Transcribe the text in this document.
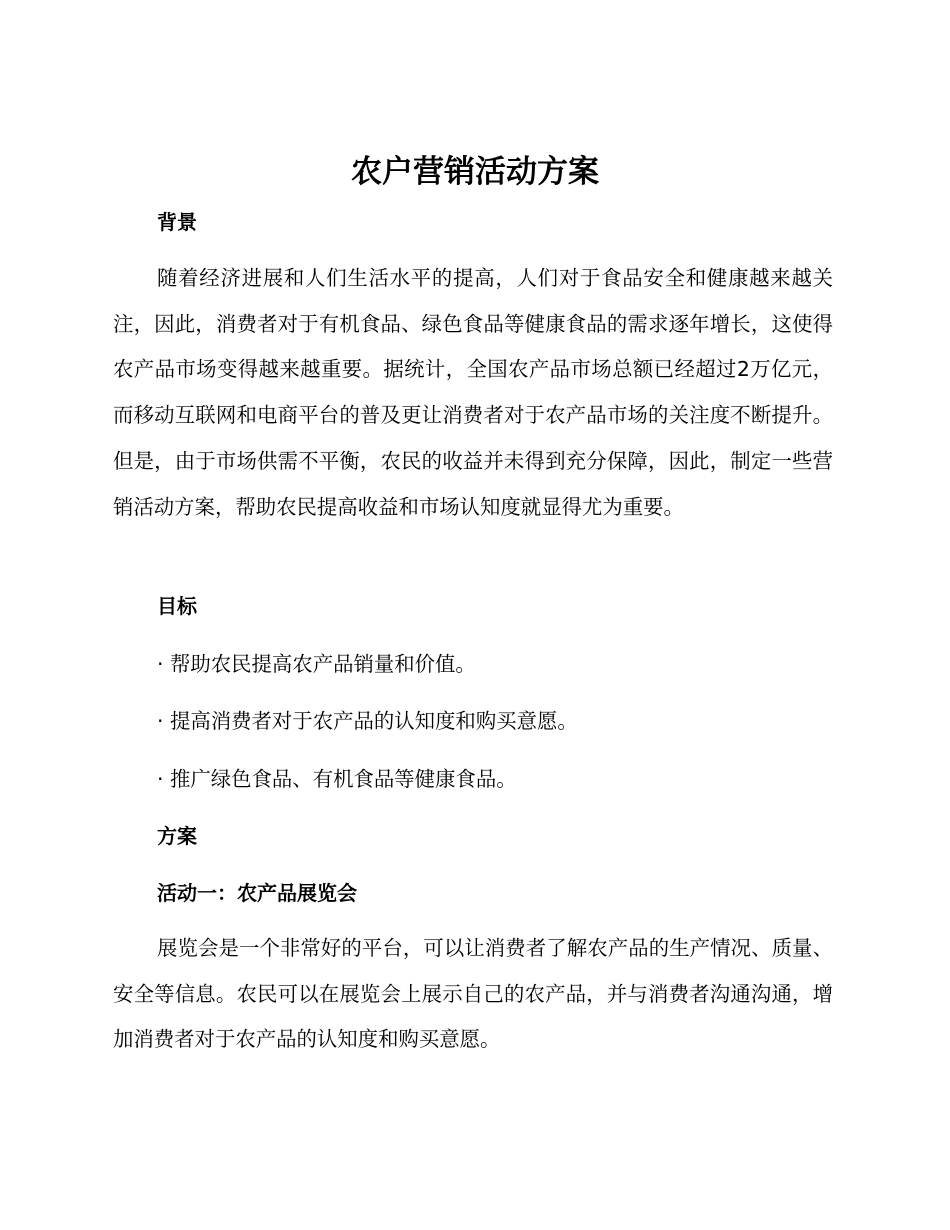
农户营销活动方案
背景

随着经济进展和人们生活水平的提高，人们对于食品安全和健康越来越关注，因此，消费者对于有机食品、绿色食品等健康食品的需求逐年增长，这使得农产品市场变得越来越重要。据统计，全国农产品市场总额已经超过2万亿元，而移动互联网和电商平台的普及更让消费者对于农产品市场的关注度不断提升。但是，由于市场供需不平衡，农民的收益并未得到充分保障，因此，制定一些营销活动方案，帮助农民提高收益和市场认知度就显得尤为重要。

目标

· 帮助农民提高农产品销量和价值。

· 提高消费者对于农产品的认知度和购买意愿。

· 推广绿色食品、有机食品等健康食品。

方案
活动一：农产品展览会

展览会是一个非常好的平台，可以让消费者了解农产品的生产情况、质量、安全等信息。农民可以在展览会上展示自己的农产品，并与消费者沟通沟通，增加消费者对于农产品的认知度和购买意愿。
